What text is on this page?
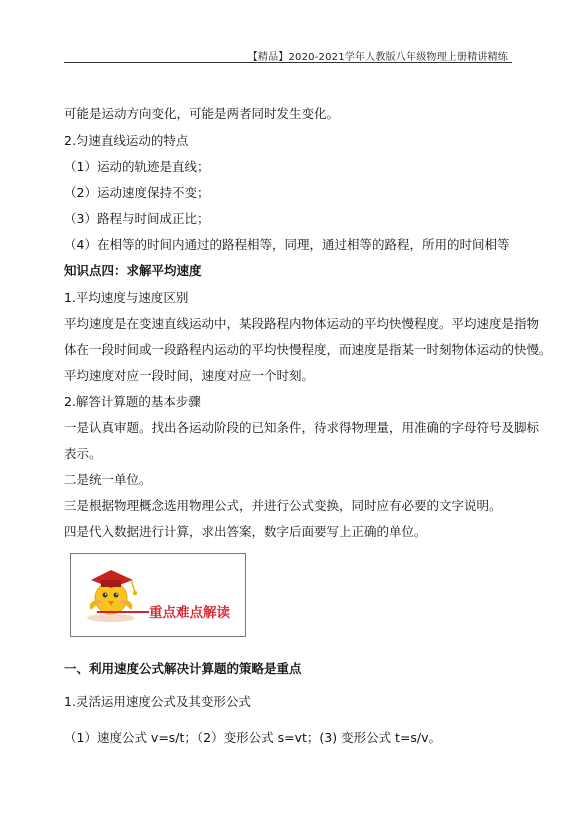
【精品】2020-2021学年人教版八年级物理上册精讲精练
可能是运动方向变化，可能是两者同时发生变化。
2.匀速直线运动的特点
（1）运动的轨迹是直线；
（2）运动速度保持不变；
（3）路程与时间成正比；
（4）在相等的时间内通过的路程相等，同理，通过相等的路程，所用的时间相等
知识点四：求解平均速度
1.平均速度与速度区别
平均速度是在变速直线运动中，某段路程内物体运动的平均快慢程度。平均速度是指物
体在一段时间或一段路程内运动的平均快慢程度，而速度是指某一时刻物体运动的快慢。
平均速度对应一段时间，速度对应一个时刻。
2.解答计算题的基本步骤
一是认真审题。找出各运动阶段的已知条件，待求得物理量，用准确的字母符号及脚标
表示。
二是统一单位。
三是根据物理概念选用物理公式，并进行公式变换，同时应有必要的文字说明。
四是代入数据进行计算，求出答案，数字后面要写上正确的单位。
一、利用速度公式解决计算题的策略是重点
1.灵活运用速度公式及其变形公式
（1）速度公式 v=s/t；（2）变形公式 s=vt；(3) 变形公式 t=s/v。
重点难点解读
